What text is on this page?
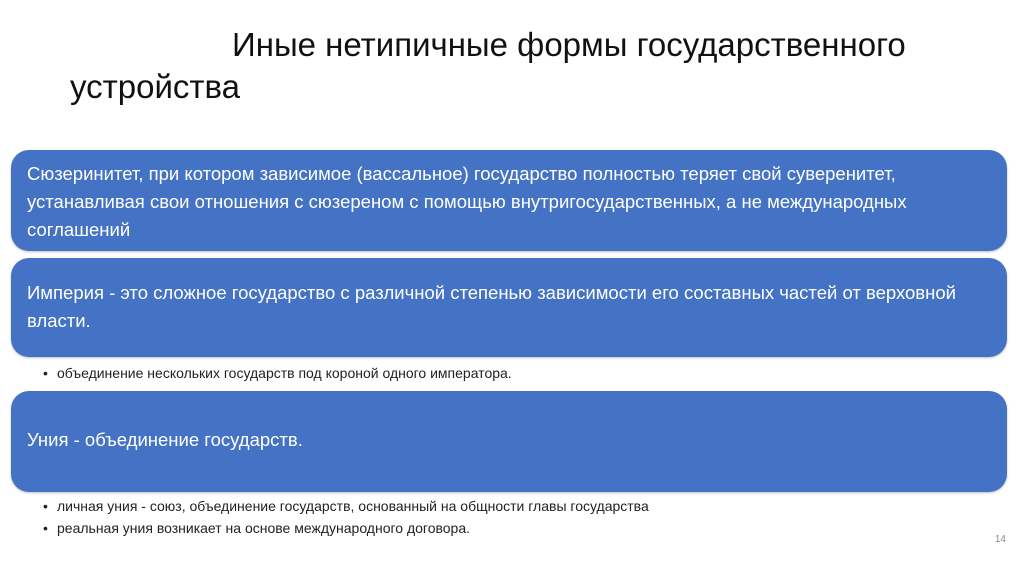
Иные нетипичные формы государственного
устройства
Сюзеринитет, при котором зависимое (вассальное) государство полностью теряет свой суверенитет, устанавливая свои отношения с сюзереном с помощью внутригосударственных, а не международных соглашений
Империя - это сложное государство с различной степенью зависимости его составных частей от верховной власти.
• объединение нескольких государств под короной одного императора.
Уния - объединение государств.
• личная уния - союз, объединение государств, основанный на общности главы государства
• реальная уния возникает на основе международного договора.
14
